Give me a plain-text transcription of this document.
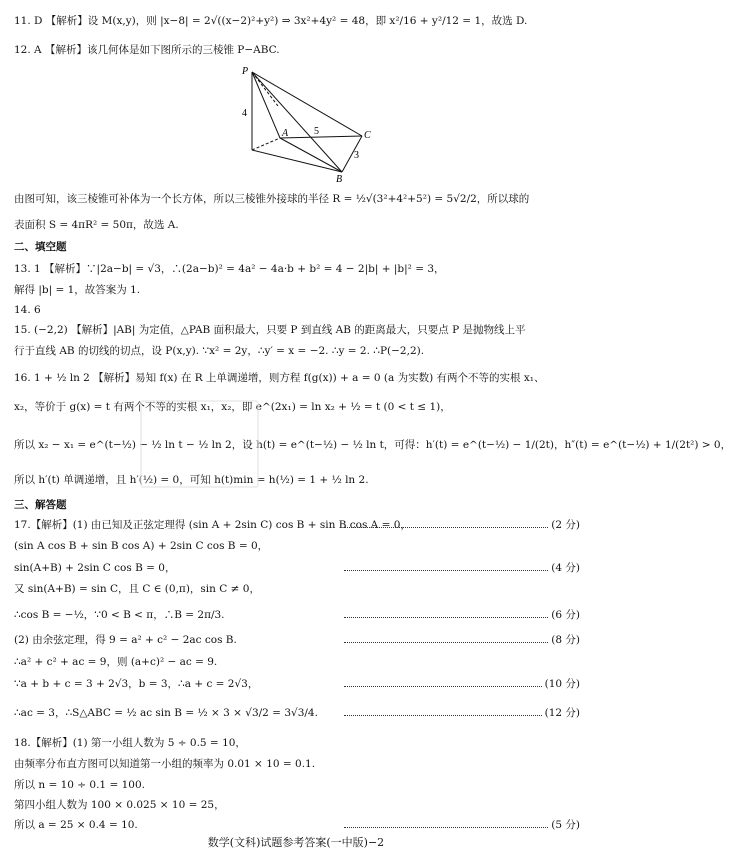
11. D 【解析】设 M(x,y)，则 |x−8| = 2√((x−2)²+y²) ⇒ 3x²+4y² = 48，即 x²/16 + y²/12 = 1，故选 D.
12. A 【解析】该几何体是如下图所示的三棱锥 P−ABC.
由图可知，该三棱锥可补体为一个长方体，所以三棱锥外接球的半径 R = ½√(3²+4²+5²) = 5√2/2，所以球的
表面积 S = 4πR² = 50π，故选 A.
二、填空题
13. 1 【解析】∵|2a−b| = √3，∴(2a−b)² = 4a² − 4a·b + b² = 4 − 2|b| + |b|² = 3，
解得 |b| = 1，故答案为 1.
14. 6
15. (−2,2) 【解析】|AB| 为定值，△PAB 面积最大，只要 P 到直线 AB 的距离最大，只要点 P 是抛物线上平
行于直线 AB 的切线的切点，设 P(x,y). ∵x² = 2y，∴y′ = x = −2. ∴y = 2. ∴P(−2,2).
16. 1 + ½ ln 2 【解析】易知 f(x) 在 R 上单调递增，则方程 f(g(x)) + a = 0 (a 为实数) 有两个不等的实根 x₁、
x₂，等价于 g(x) = t 有两个不等的实根 x₁，x₂，即 e^(2x₁) = ln x₂ + ½ = t (0 < t ≤ 1)，
所以 x₂ − x₁ = e^(t−½) − ½ ln t − ½ ln 2，设 h(t) = e^(t−½) − ½ ln t，可得：h′(t) = e^(t−½) − 1/(2t)，h″(t) = e^(t−½) + 1/(2t²) > 0，
所以 h′(t) 单调递增，且 h′(½) = 0，可知 h(t)min = h(½) = 1 + ½ ln 2.
三、解答题
17.【解析】(1) 由已知及正弦定理得 (sin A + 2sin C) cos B + sin B cos A = 0，	(2 分)
(sin A cos B + sin B cos A) + 2sin C cos B = 0，
sin(A+B) + 2sin C cos B = 0，	(4 分)
又 sin(A+B) = sin C，且 C ∈ (0,π)，sin C ≠ 0，
∴cos B = −½，∵0 < B < π，∴B = 2π/3.	(6 分)
(2) 由余弦定理，得 9 = a² + c² − 2ac cos B.	(8 分)
∴a² + c² + ac = 9，则 (a+c)² − ac = 9.
∵a + b + c = 3 + 2√3，b = 3，∴a + c = 2√3，	(10 分)
∴ac = 3，∴S△ABC = ½ ac sin B = ½ × 3 × √3/2 = 3√3/4.	(12 分)
18.【解析】(1) 第一小组人数为 5 ÷ 0.5 = 10，
由频率分布直方图可以知道第一小组的频率为 0.01 × 10 = 0.1.
所以 n = 10 ÷ 0.1 = 100.
第四小组人数为 100 × 0.025 × 10 = 25，
所以 a = 25 × 0.4 = 10.	(5 分)
P
A
B
C
4
5
3
数学(文科)试题参考答案(一中版)−2
